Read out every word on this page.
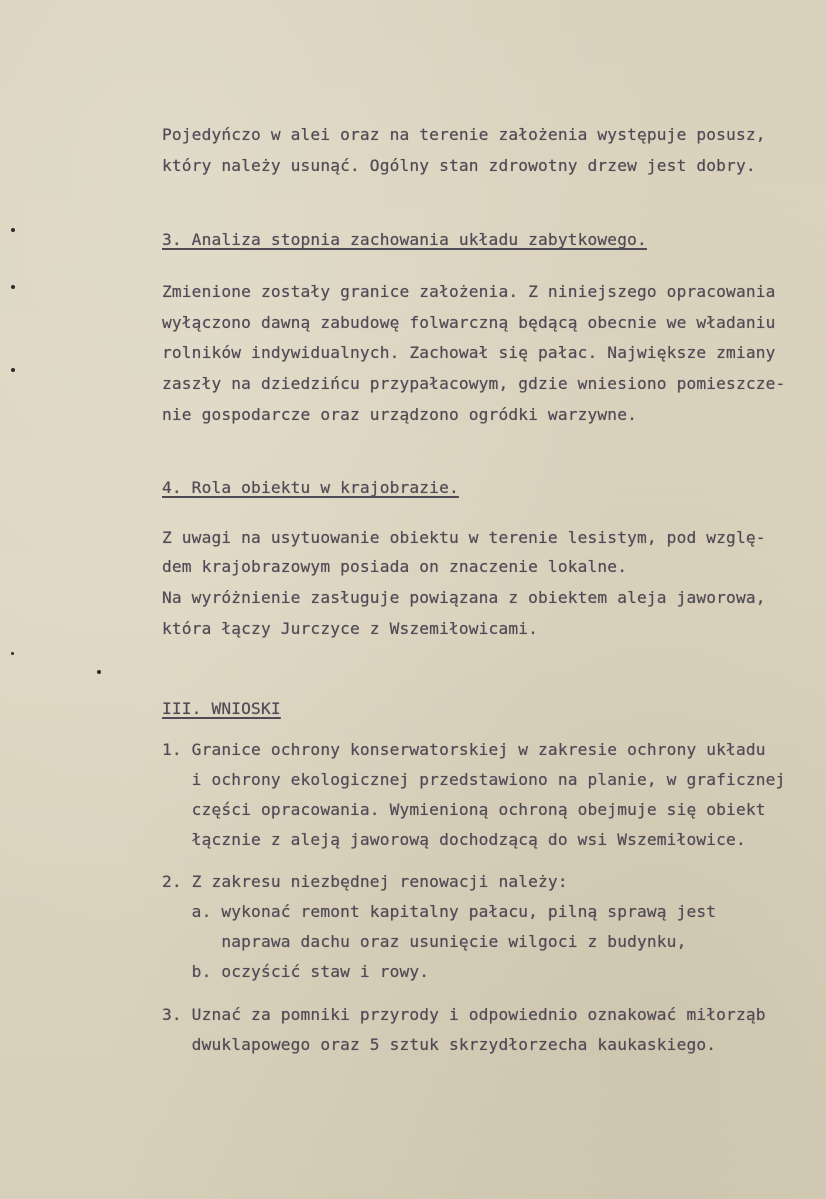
Pojedyńczo w alei oraz na terenie założenia występuje posusz,
który należy usunąć. Ogólny stan zdrowotny drzew jest dobry.
3. Analiza stopnia zachowania układu zabytkowego.
Zmienione zostały granice założenia. Z niniejszego opracowania
wyłączono dawną zabudowę folwarczną będącą obecnie we władaniu
rolników indywidualnych. Zachował się pałac. Największe zmiany
zaszły na dziedzińcu przypałacowym, gdzie wniesiono pomieszcze-
nie gospodarcze oraz urządzono ogródki warzywne.
4. Rola obiektu w krajobrazie.
Z uwagi na usytuowanie obiektu w terenie lesistym, pod wzglę-
dem krajobrazowym posiada on znaczenie lokalne.
Na wyróżnienie zasługuje powiązana z obiektem aleja jaworowa,
która łączy Jurczyce z Wszemiłowicami.
III. WNIOSKI
1. Granice ochrony konserwatorskiej w zakresie ochrony układu
i ochrony ekologicznej przedstawiono na planie, w graficznej
części opracowania. Wymienioną ochroną obejmuje się obiekt
łącznie z aleją jaworową dochodzącą do wsi Wszemiłowice.
2. Z zakresu niezbędnej renowacji należy:
a. wykonać remont kapitalny pałacu, pilną sprawą jest
naprawa dachu oraz usunięcie wilgoci z budynku,
b. oczyścić staw i rowy.
3. Uznać za pomniki przyrody i odpowiednio oznakować miłorząb
dwuklapowego oraz 5 sztuk skrzydłorzecha kaukaskiego.
